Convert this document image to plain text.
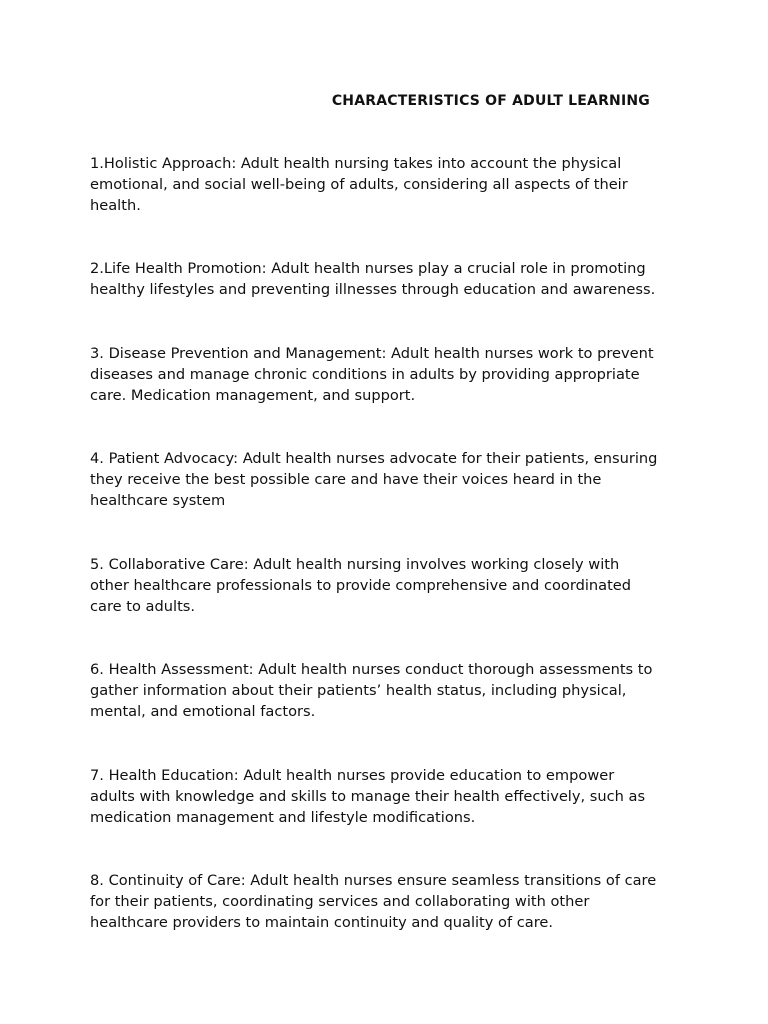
CHARACTERISTICS OF ADULT LEARNING
1.Holistic Approach: Adult health nursing takes into account the physical
emotional, and social well-being of adults, considering all aspects of their
health.
2.Life Health Promotion: Adult health nurses play a crucial role in promoting
healthy lifestyles and preventing illnesses through education and awareness.
3. Disease Prevention and Management: Adult health nurses work to prevent
diseases and manage chronic conditions in adults by providing appropriate
care. Medication management, and support.
4. Patient Advocacy: Adult health nurses advocate for their patients, ensuring
they receive the best possible care and have their voices heard in the
healthcare system
5. Collaborative Care: Adult health nursing involves working closely with
other healthcare professionals to provide comprehensive and coordinated
care to adults.
6. Health Assessment: Adult health nurses conduct thorough assessments to
gather information about their patients’ health status, including physical,
mental, and emotional factors.
7. Health Education: Adult health nurses provide education to empower
adults with knowledge and skills to manage their health effectively, such as
medication management and lifestyle modifications.
8. Continuity of Care: Adult health nurses ensure seamless transitions of care
for their patients, coordinating services and collaborating with other
healthcare providers to maintain continuity and quality of care.
